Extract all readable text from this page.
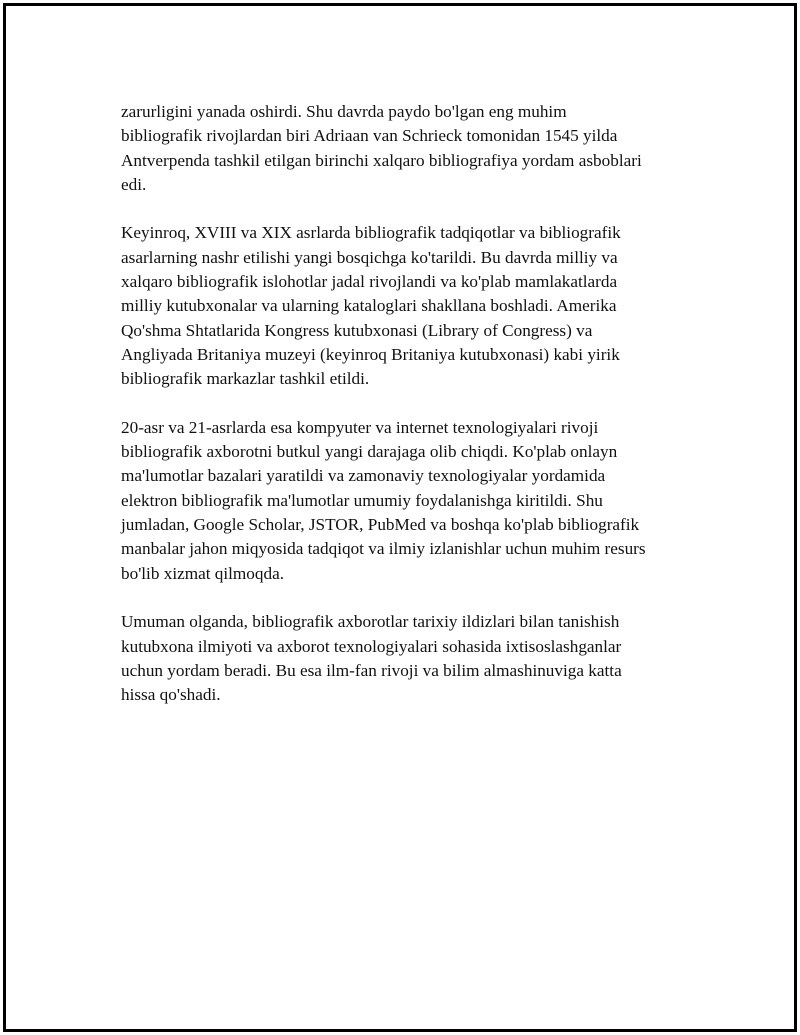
zarurligini yanada oshirdi. Shu davrda paydo bo'lgan eng muhim
bibliografik rivojlardan biri Adriaan van Schrieck tomonidan 1545 yilda
Antverpenda tashkil etilgan birinchi xalqaro bibliografiya yordam asboblari
edi.

Keyinroq, XVIII va XIX asrlarda bibliografik tadqiqotlar va bibliografik
asarlarning nashr etilishi yangi bosqichga ko'tarildi. Bu davrda milliy va
xalqaro bibliografik islohotlar jadal rivojlandi va ko'plab mamlakatlarda
milliy kutubxonalar va ularning kataloglari shakllana boshladi. Amerika
Qo'shma Shtatlarida Kongress kutubxonasi (Library of Congress) va
Angliyada Britaniya muzeyi (keyinroq Britaniya kutubxonasi) kabi yirik
bibliografik markazlar tashkil etildi.

20-asr va 21-asrlarda esa kompyuter va internet texnologiyalari rivoji
bibliografik axborotni butkul yangi darajaga olib chiqdi. Ko'plab onlayn
ma'lumotlar bazalari yaratildi va zamonaviy texnologiyalar yordamida
elektron bibliografik ma'lumotlar umumiy foydalanishga kiritildi. Shu
jumladan, Google Scholar, JSTOR, PubMed va boshqa ko'plab bibliografik
manbalar jahon miqyosida tadqiqot va ilmiy izlanishlar uchun muhim resurs
bo'lib xizmat qilmoqda.

Umuman olganda, bibliografik axborotlar tarixiy ildizlari bilan tanishish
kutubxona ilmiyoti va axborot texnologiyalari sohasida ixtisoslashganlar
uchun yordam beradi. Bu esa ilm-fan rivoji va bilim almashinuviga katta
hissa qo'shadi.
